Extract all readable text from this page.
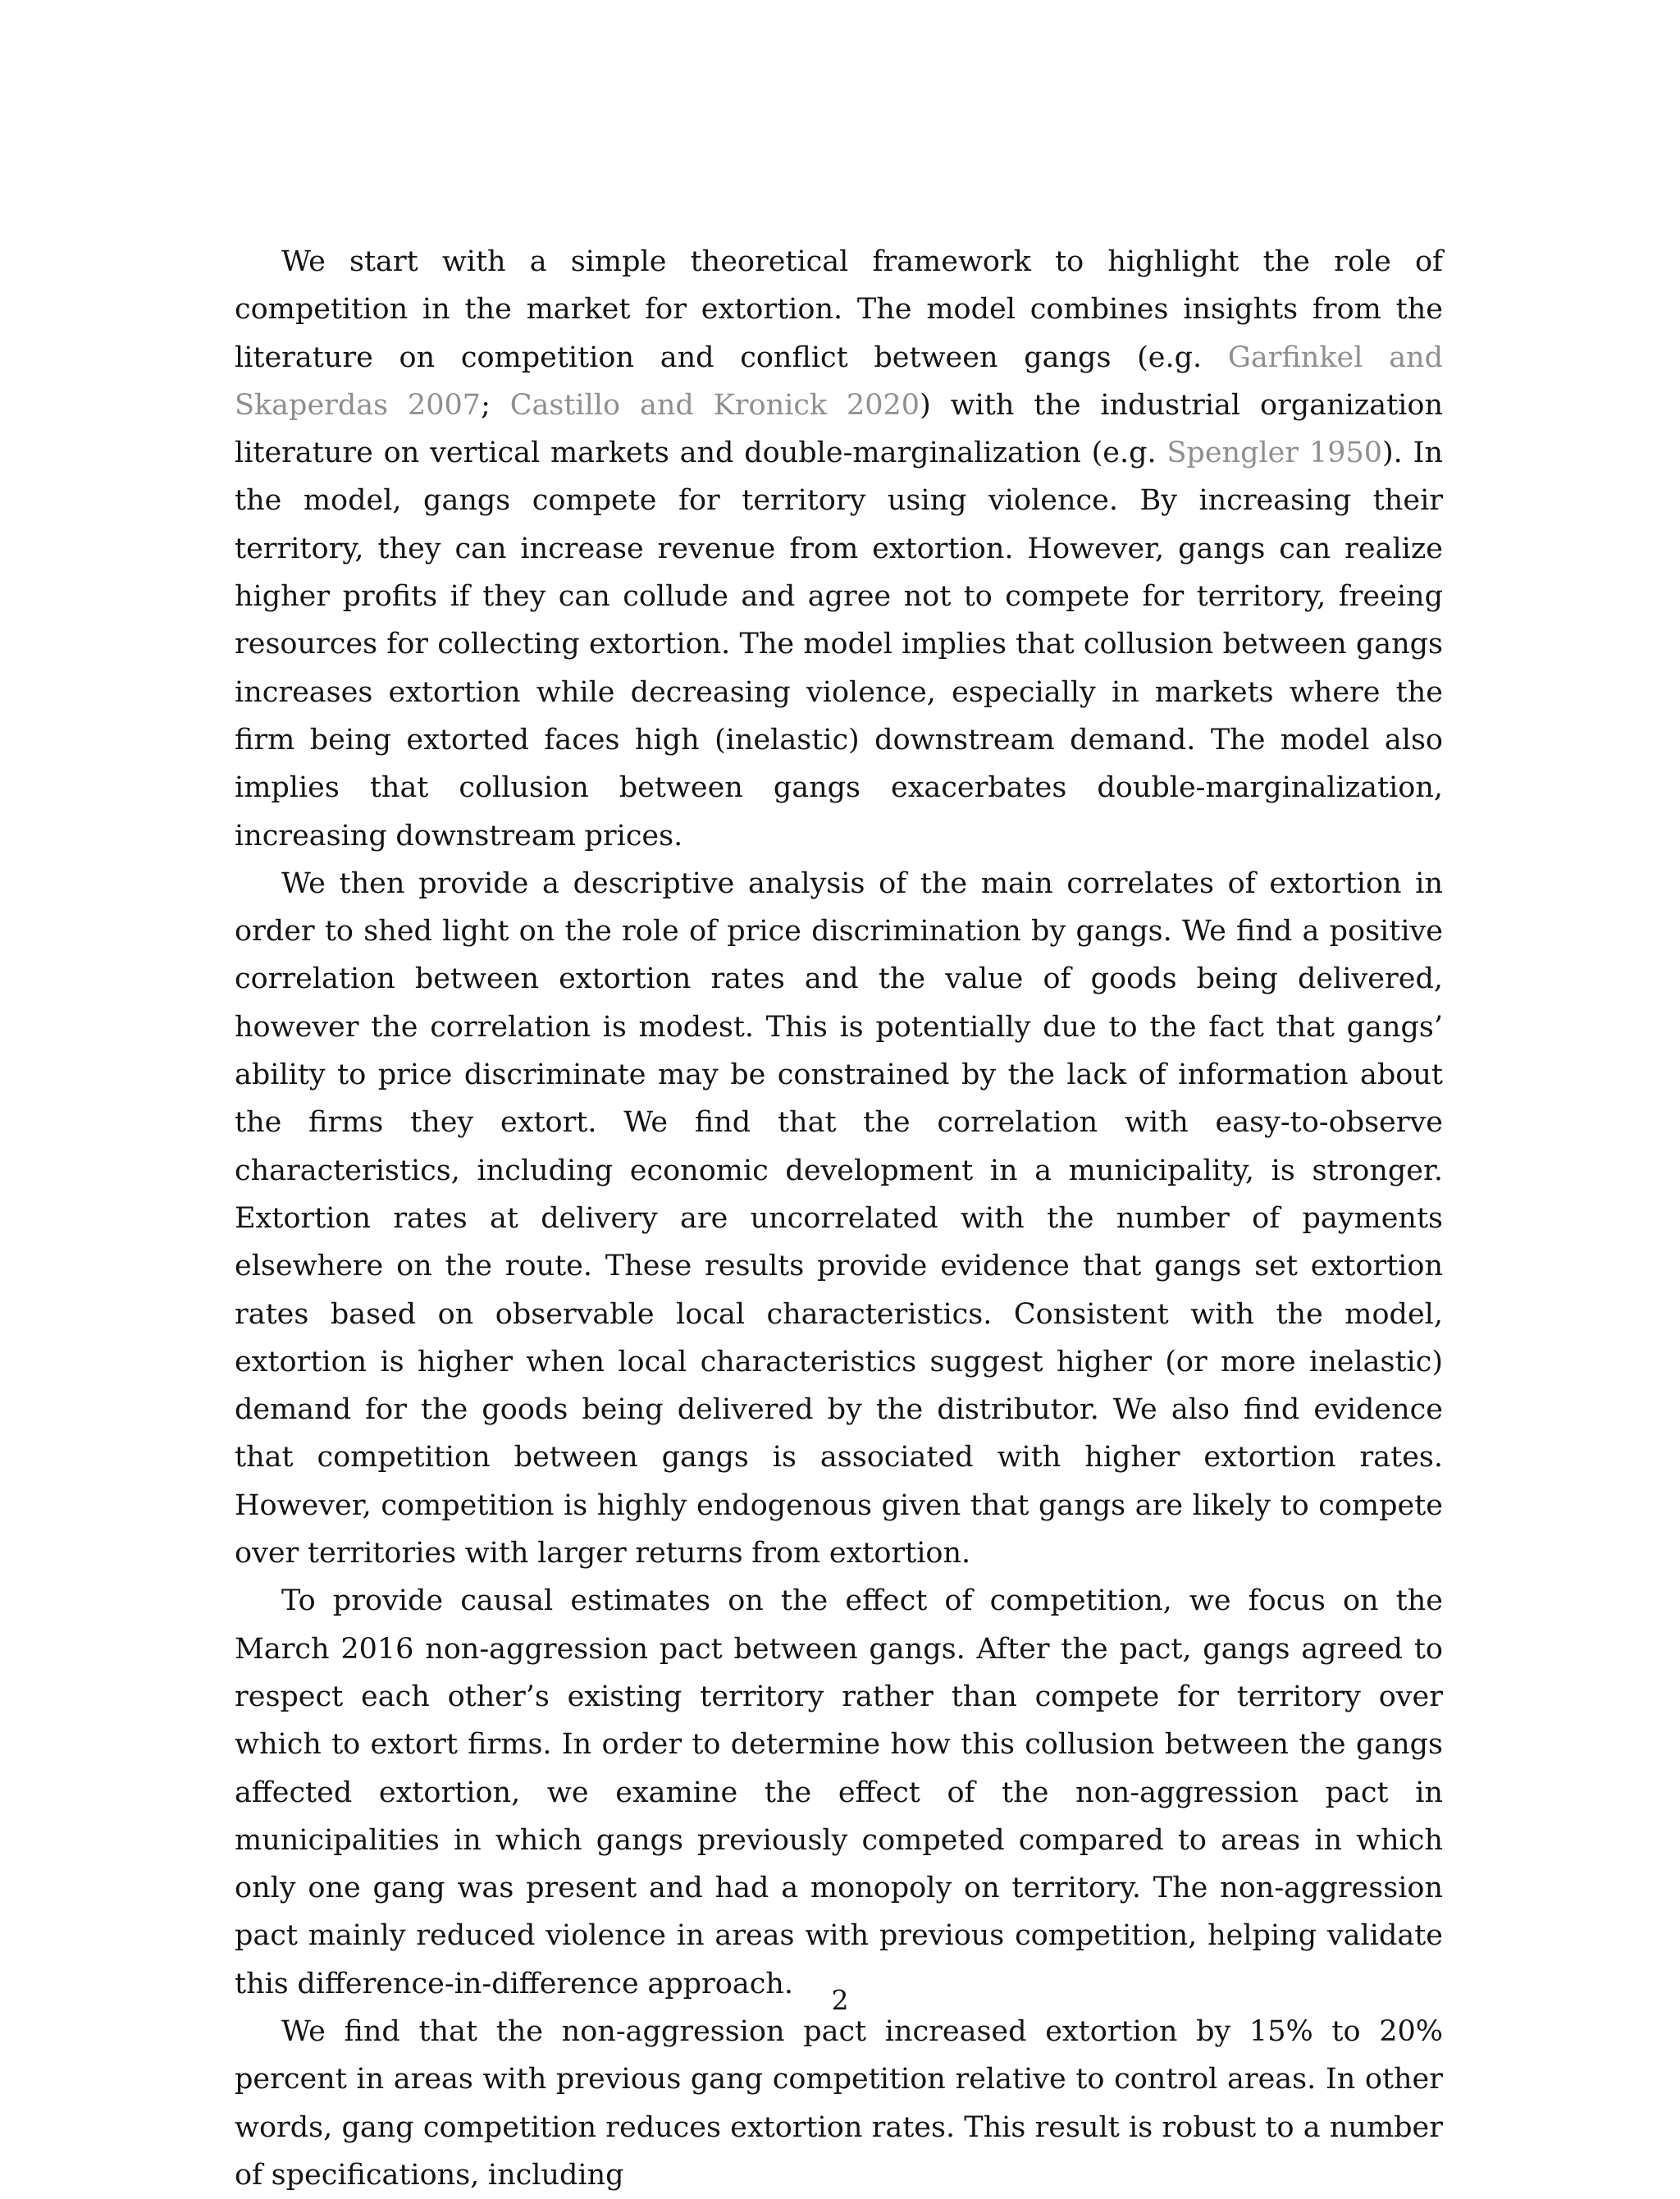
We start with a simple theoretical framework to highlight the role of competition in the market for extortion. The model combines insights from the literature on competition and conflict between gangs (e.g. Garfinkel and Skaperdas 2007; Castillo and Kronick 2020) with the industrial organization literature on vertical markets and double-marginalization (e.g. Spengler 1950). In the model, gangs compete for territory using violence. By increasing their territory, they can increase revenue from extortion. However, gangs can realize higher profits if they can collude and agree not to compete for territory, freeing resources for collecting extortion. The model implies that collusion between gangs increases extortion while decreasing violence, especially in markets where the firm being extorted faces high (inelastic) downstream demand. The model also implies that collusion between gangs exacerbates double-marginalization, increasing downstream prices.

We then provide a descriptive analysis of the main correlates of extortion in order to shed light on the role of price discrimination by gangs. We find a positive correlation between extortion rates and the value of goods being delivered, however the correlation is modest. This is potentially due to the fact that gangs’ ability to price discriminate may be constrained by the lack of information about the firms they extort. We find that the correlation with easy-to-observe characteristics, including economic development in a municipality, is stronger. Extortion rates at delivery are uncorrelated with the number of payments elsewhere on the route. These results provide evidence that gangs set extortion rates based on observable local characteristics. Consistent with the model, extortion is higher when local characteristics suggest higher (or more inelastic) demand for the goods being delivered by the distributor. We also find evidence that competition between gangs is associated with higher extortion rates. However, competition is highly endogenous given that gangs are likely to compete over territories with larger returns from extortion.

To provide causal estimates on the effect of competition, we focus on the March 2016 non-aggression pact between gangs. After the pact, gangs agreed to respect each other’s existing territory rather than compete for territory over which to extort firms. In order to determine how this collusion between the gangs affected extortion, we examine the effect of the non-aggression pact in municipalities in which gangs previously competed compared to areas in which only one gang was present and had a monopoly on territory. The non-aggression pact mainly reduced violence in areas with previous competition, helping validate this difference-in-difference approach.

We find that the non-aggression pact increased extortion by 15% to 20% percent in areas with previous gang competition relative to control areas. In other words, gang competition reduces extortion rates. This result is robust to a number of specifications, including

2
